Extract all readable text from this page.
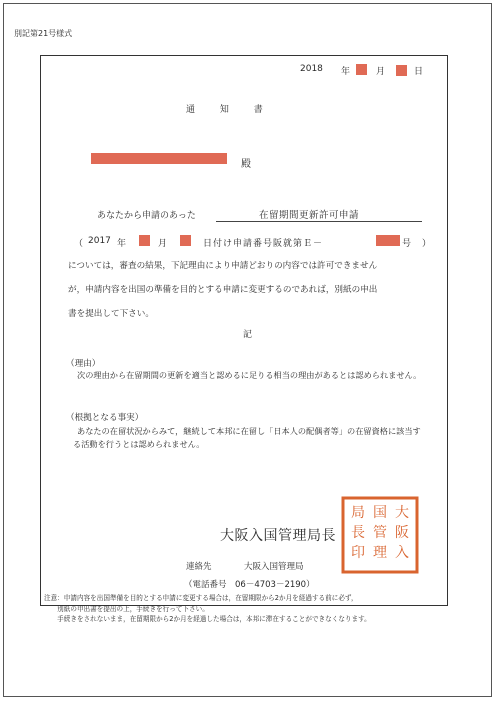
別記第21号様式
2018 年	月	日
通	知	書
殿
あなたから申請のあった	在留期間更新許可申請
（ 2017 年	月	日付け申請番号阪就第Ｅ－	号 ）
については，審査の結果，下記理由により申請どおりの内容では許可できません
が，申請内容を出国の準備を目的とする申請に変更するのであれば，別紙の申出
書を提出して下さい。
記
（理由）
次の理由から在留期間の更新を適当と認めるに足りる相当の理由があるとは認められません。
（根拠となる事実）
あなたの在留状況からみて，継続して本邦に在留し「日本人の配偶者等」の在留資格に該当する活動を行うとは認められません。
大阪入国管理局長
大
阪
入
国
管
理
局
長
印
連絡先	大阪入国管理局
（電話番号　06－4703－2190）
注意：申請内容を出国準備を目的とする申請に変更する場合は，在留期限から2か月を経過する前に必ず，
　　別紙の申出書を提出の上，手続きを行って下さい。
　　手続きをされないまま，在留期限から2か月を経過した場合は，本邦に滞在することができなくなります。
